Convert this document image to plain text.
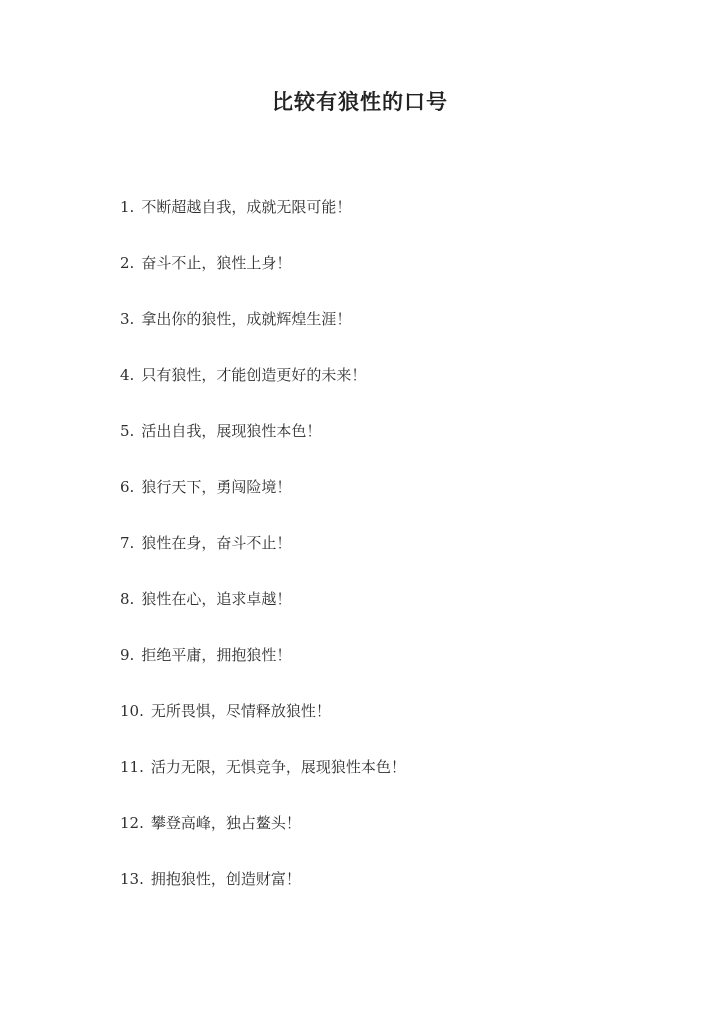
比较有狼性的口号
1. 不断超越自我，成就无限可能！
2. 奋斗不止，狼性上身！
3. 拿出你的狼性，成就辉煌生涯！
4. 只有狼性，才能创造更好的未来！
5. 活出自我，展现狼性本色！
6. 狼行天下，勇闯险境！
7. 狼性在身，奋斗不止！
8. 狼性在心，追求卓越！
9. 拒绝平庸，拥抱狼性！
10. 无所畏惧，尽情释放狼性！
11. 活力无限，无惧竞争，展现狼性本色！
12. 攀登高峰，独占鳌头！
13. 拥抱狼性，创造财富！
